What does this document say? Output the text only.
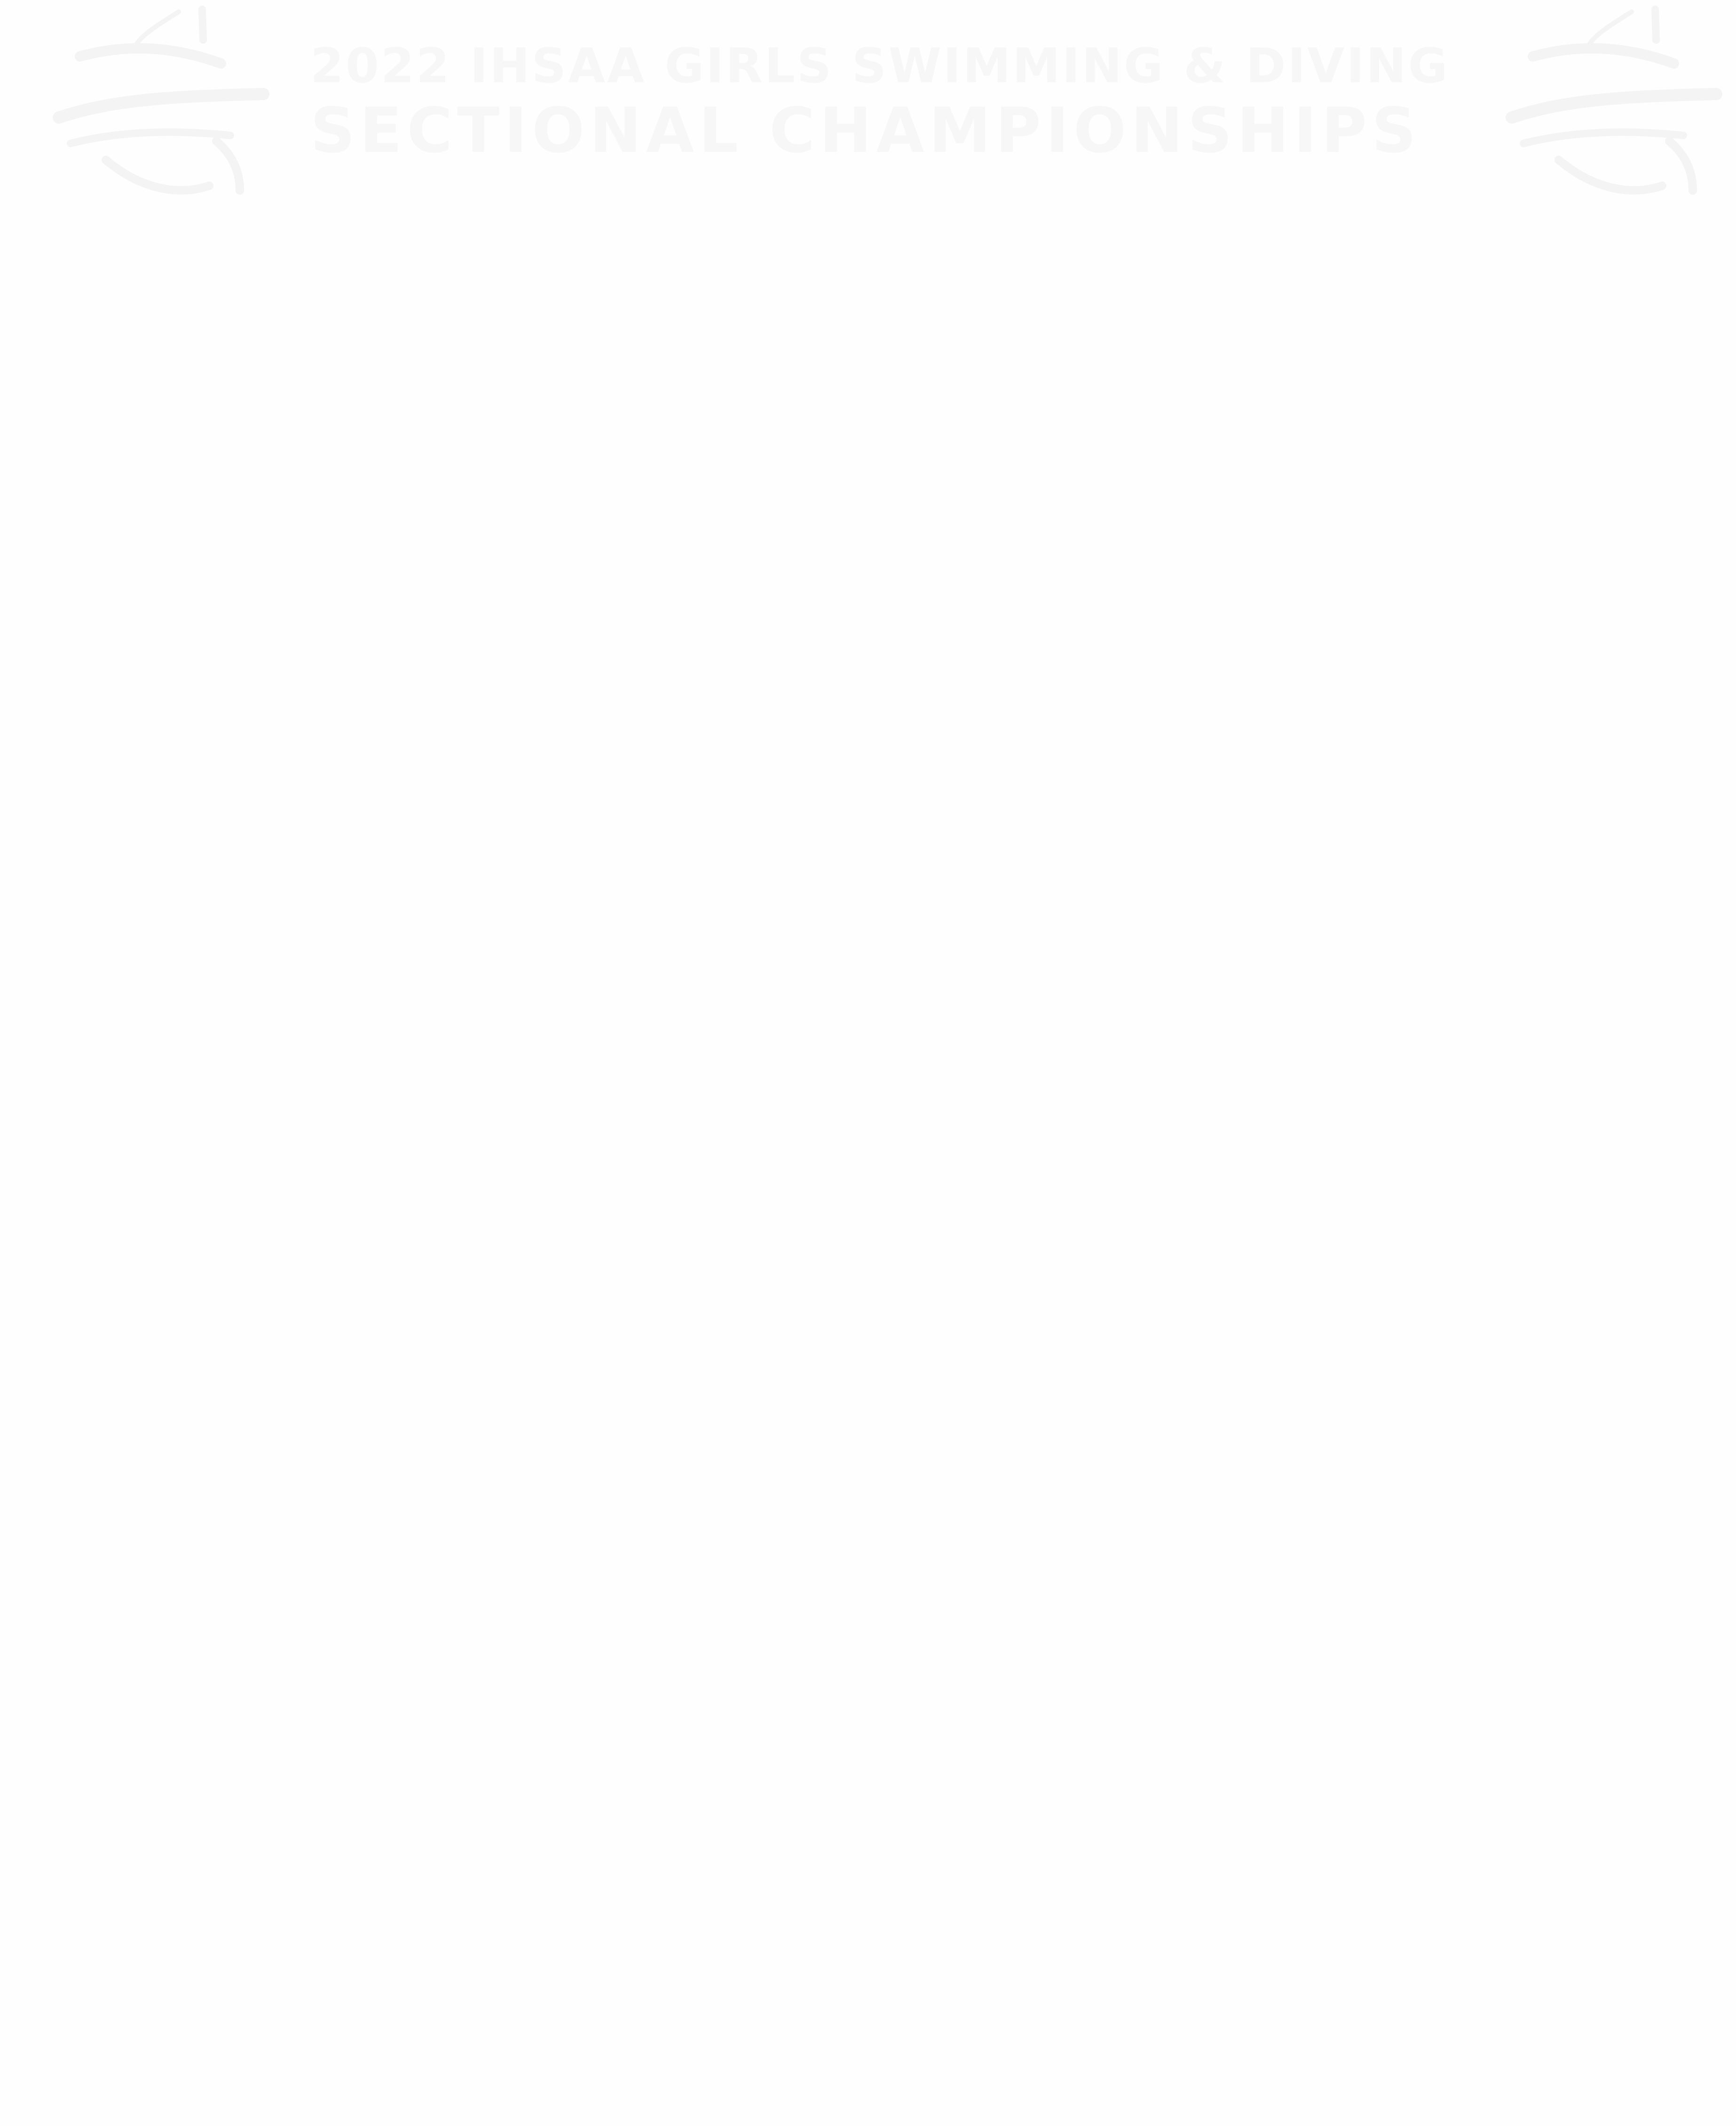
2022 IHSAA GIRLS SWIMMING & DIVING
SECTIONAL CHAMPIONSHIPS
